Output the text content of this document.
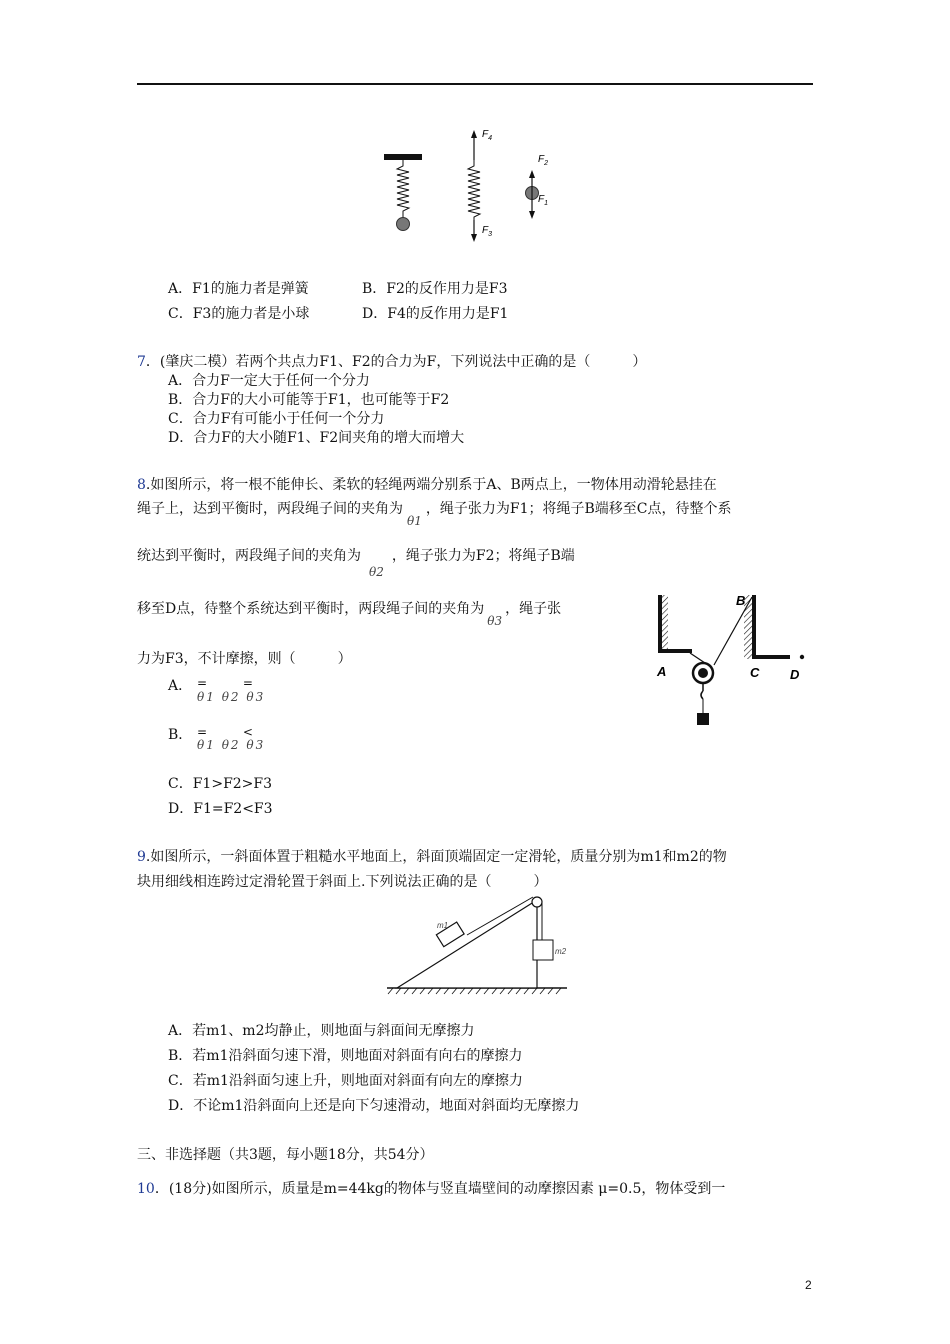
$F_4$
$F_3$
$F_2$
$F_1$
A．F1的施力者是弹簧	B．F2的反作用力是F3
C．F3的施力者是小球	D．F4的反作用力是F1
7．(肇庆二模）若两个共点力F1、F2的合力为F，下列说法中正确的是（　　　）
A．合力F一定大于任何一个分力
B．合力F的大小可能等于F1，也可能等于F2
C．合力F有可能小于任何一个分力
D．合力F的大小随F1、F2间夹角的增大而增大
8.如图所示，将一根不能伸长、柔软的轻绳两端分别系于A、B两点上，一物体用动滑轮悬挂在
绳子上，达到平衡时，两段绳子间的夹角为θ1，绳子张力为F1；将绳子B端移至C点，待整个系
统达到平衡时，两段绳子间的夹角为θ2，绳子张力为F2；将绳子B端
移至D点，待整个系统达到平衡时，两段绳子间的夹角为θ3，绳子张
力为F3，不计摩擦，则（　　　）
A． = =
θ1 θ2 θ3
B． = <
θ1 θ2 θ3
C．F1>F2>F3
D．F1=F2<F3
A
B
C D
9.如图所示，一斜面体置于粗糙水平地面上，斜面顶端固定一定滑轮，质量分别为m1和m2的物
块用细线相连跨过定滑轮置于斜面上.下列说法正确的是（　　　）
m1
m2
A．若m1、m2均静止，则地面与斜面间无摩擦力
B．若m1沿斜面匀速下滑，则地面对斜面有向右的摩擦力
C．若m1沿斜面匀速上升，则地面对斜面有向左的摩擦力
D．不论m1沿斜面向上还是向下匀速滑动，地面对斜面均无摩擦力
三、非选择题（共3题，每小题18分，共54分）
10．(18分)如图所示，质量是m=44kg的物体与竖直墙壁间的动摩擦因素 μ=0.5，物体受到一
2
